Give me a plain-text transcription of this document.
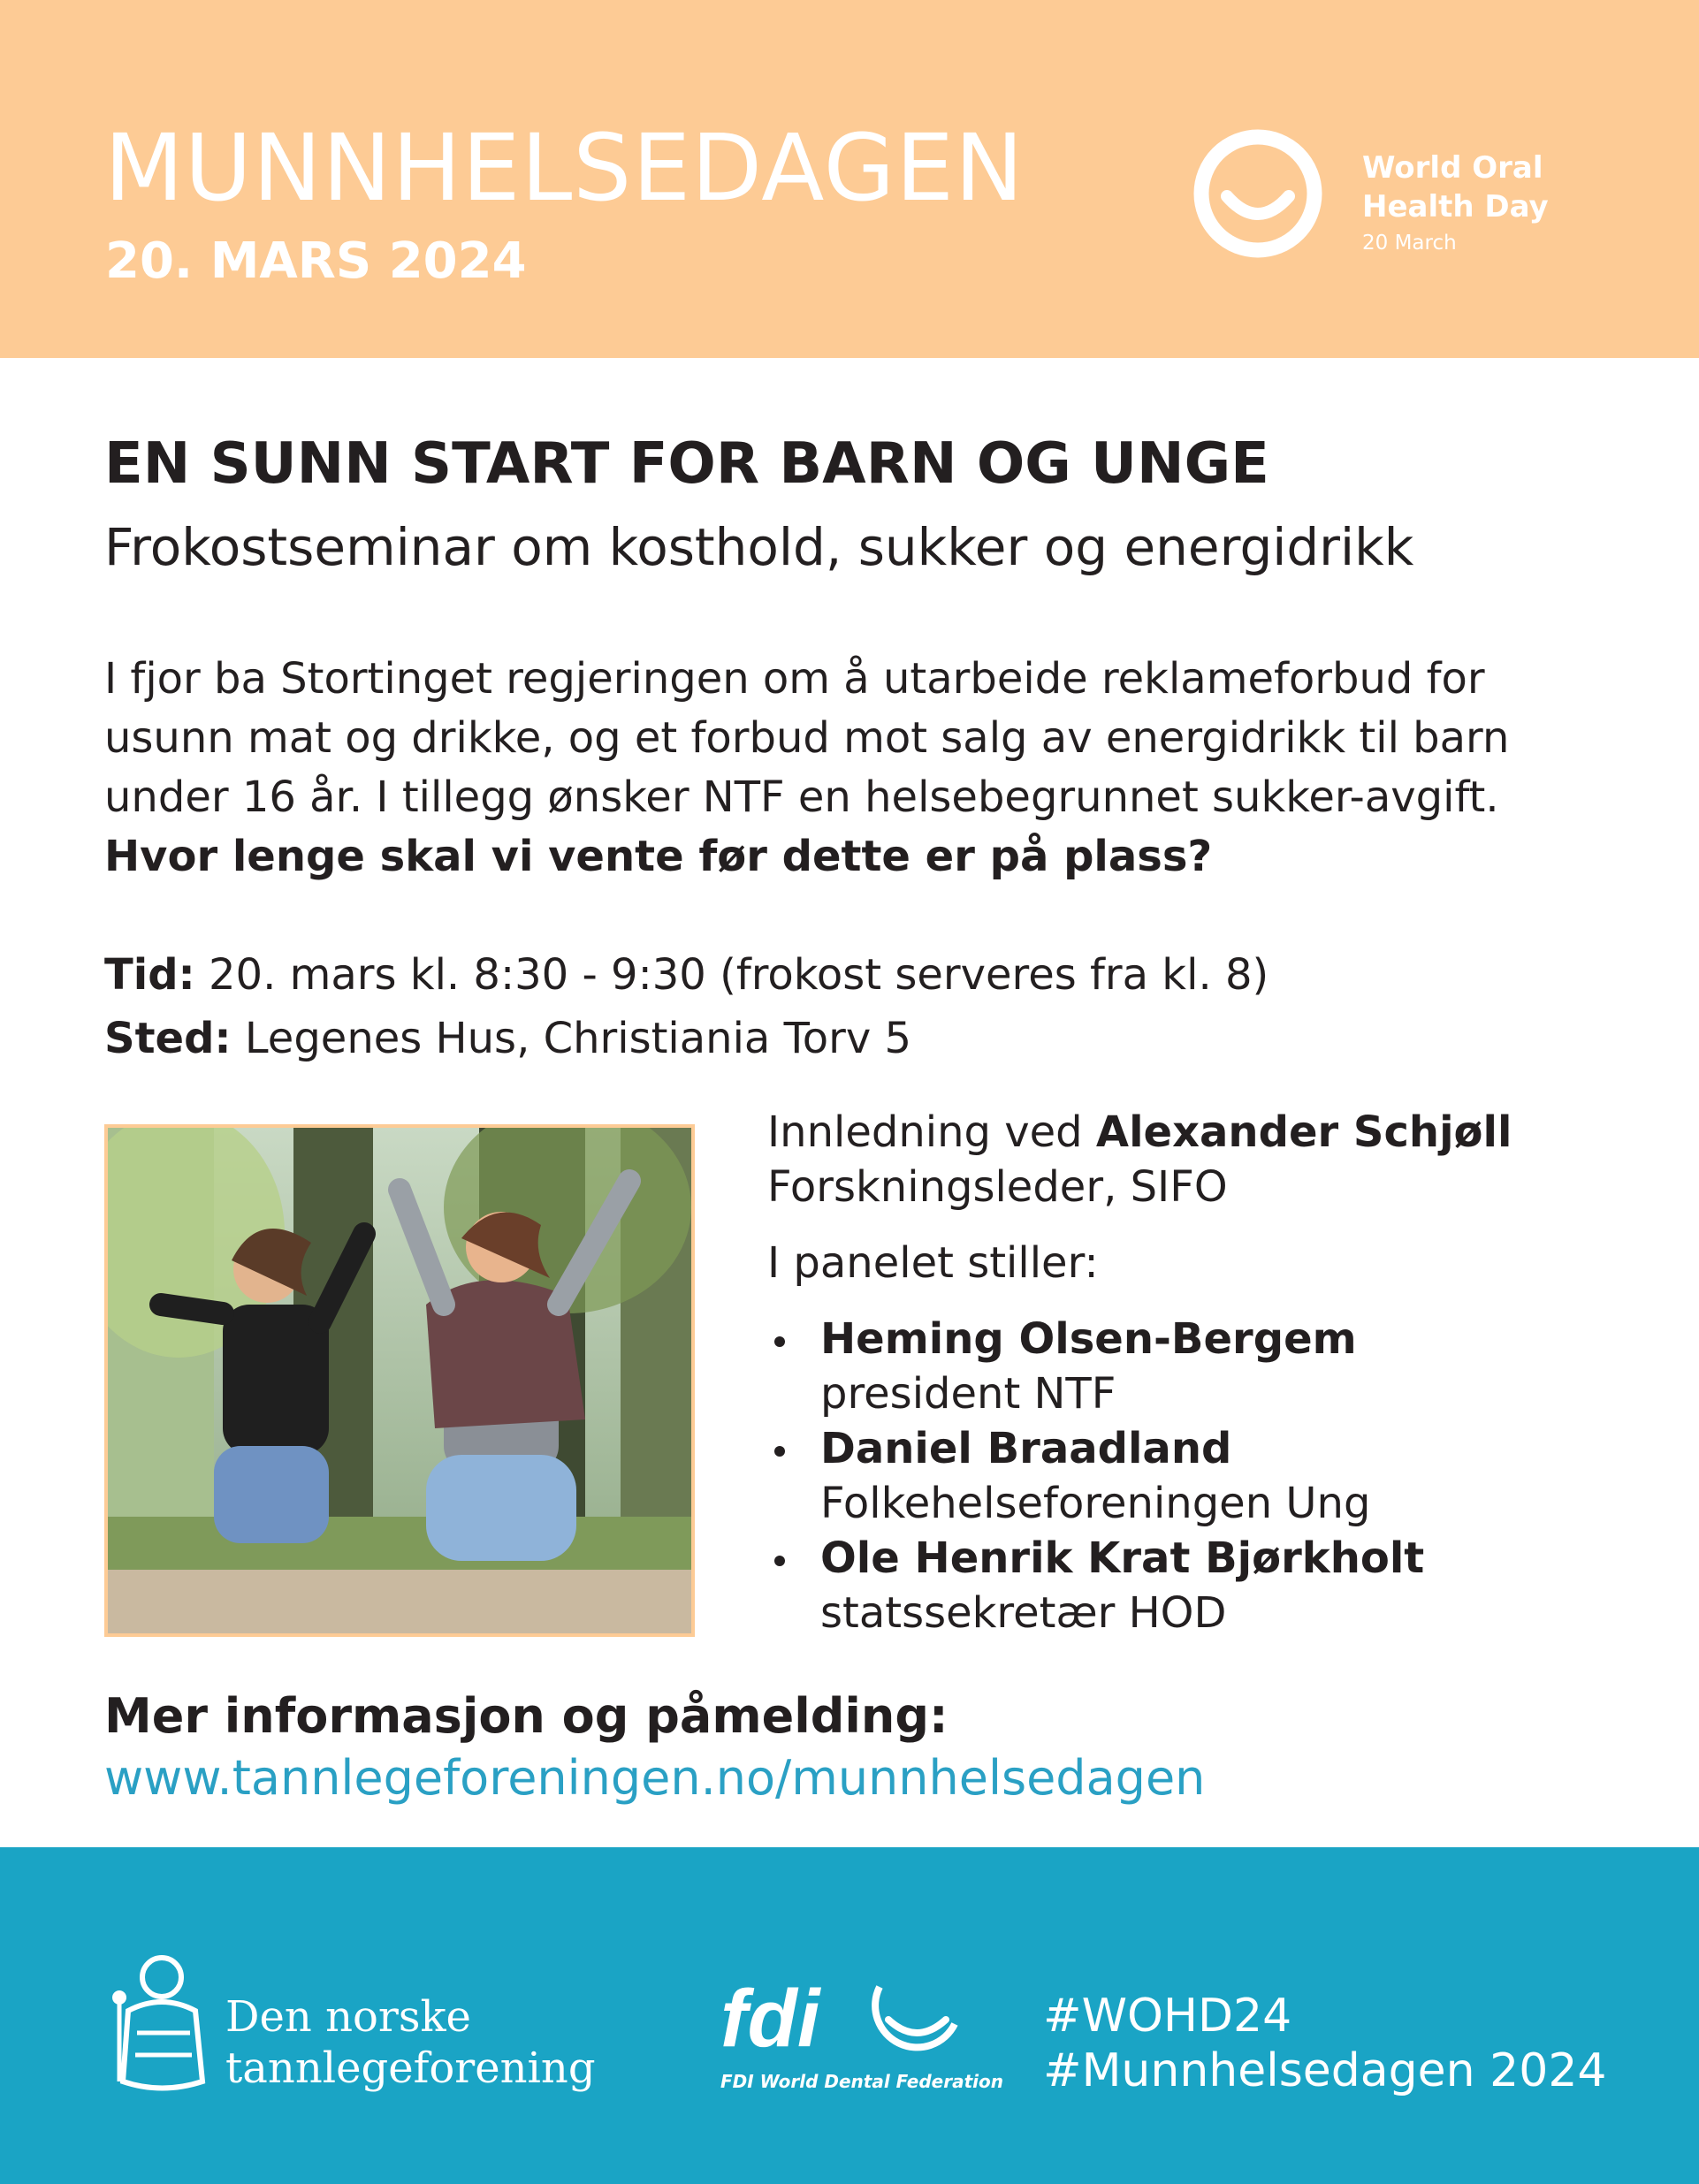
MUNNHELSEDAGEN
20. MARS 2024
World Oral
Health Day
20 March
EN SUNN START FOR BARN OG UNGE
Frokostseminar om kosthold, sukker og energidrikk
I fjor ba Stortinget regjeringen om å utarbeide reklameforbud for usunn mat og drikke, og et forbud mot salg av energidrikk til barn under 16 år. I tillegg ønsker NTF en helsebegrunnet sukker-avgift. Hvor lenge skal vi vente før dette er på plass?
Tid: 20. mars kl. 8:30 - 9:30 (frokost serveres fra kl. 8)
Sted: Legenes Hus, Christiania Torv 5
Innledning ved Alexander Schjøll
Forskningsleder, SIFO
I panelet stiller:
Heming Olsen-Bergem
president NTF
Daniel Braadland
Folkehelseforeningen Ung
Ole Henrik Krat Bjørkholt
statssekretær HOD
Mer informasjon og påmelding:
www.tannlegeforeningen.no/munnhelsedagen
Den norske
tannlegeforening
fdi
FDI World Dental Federation
#WOHD24
#Munnhelsedagen 2024
